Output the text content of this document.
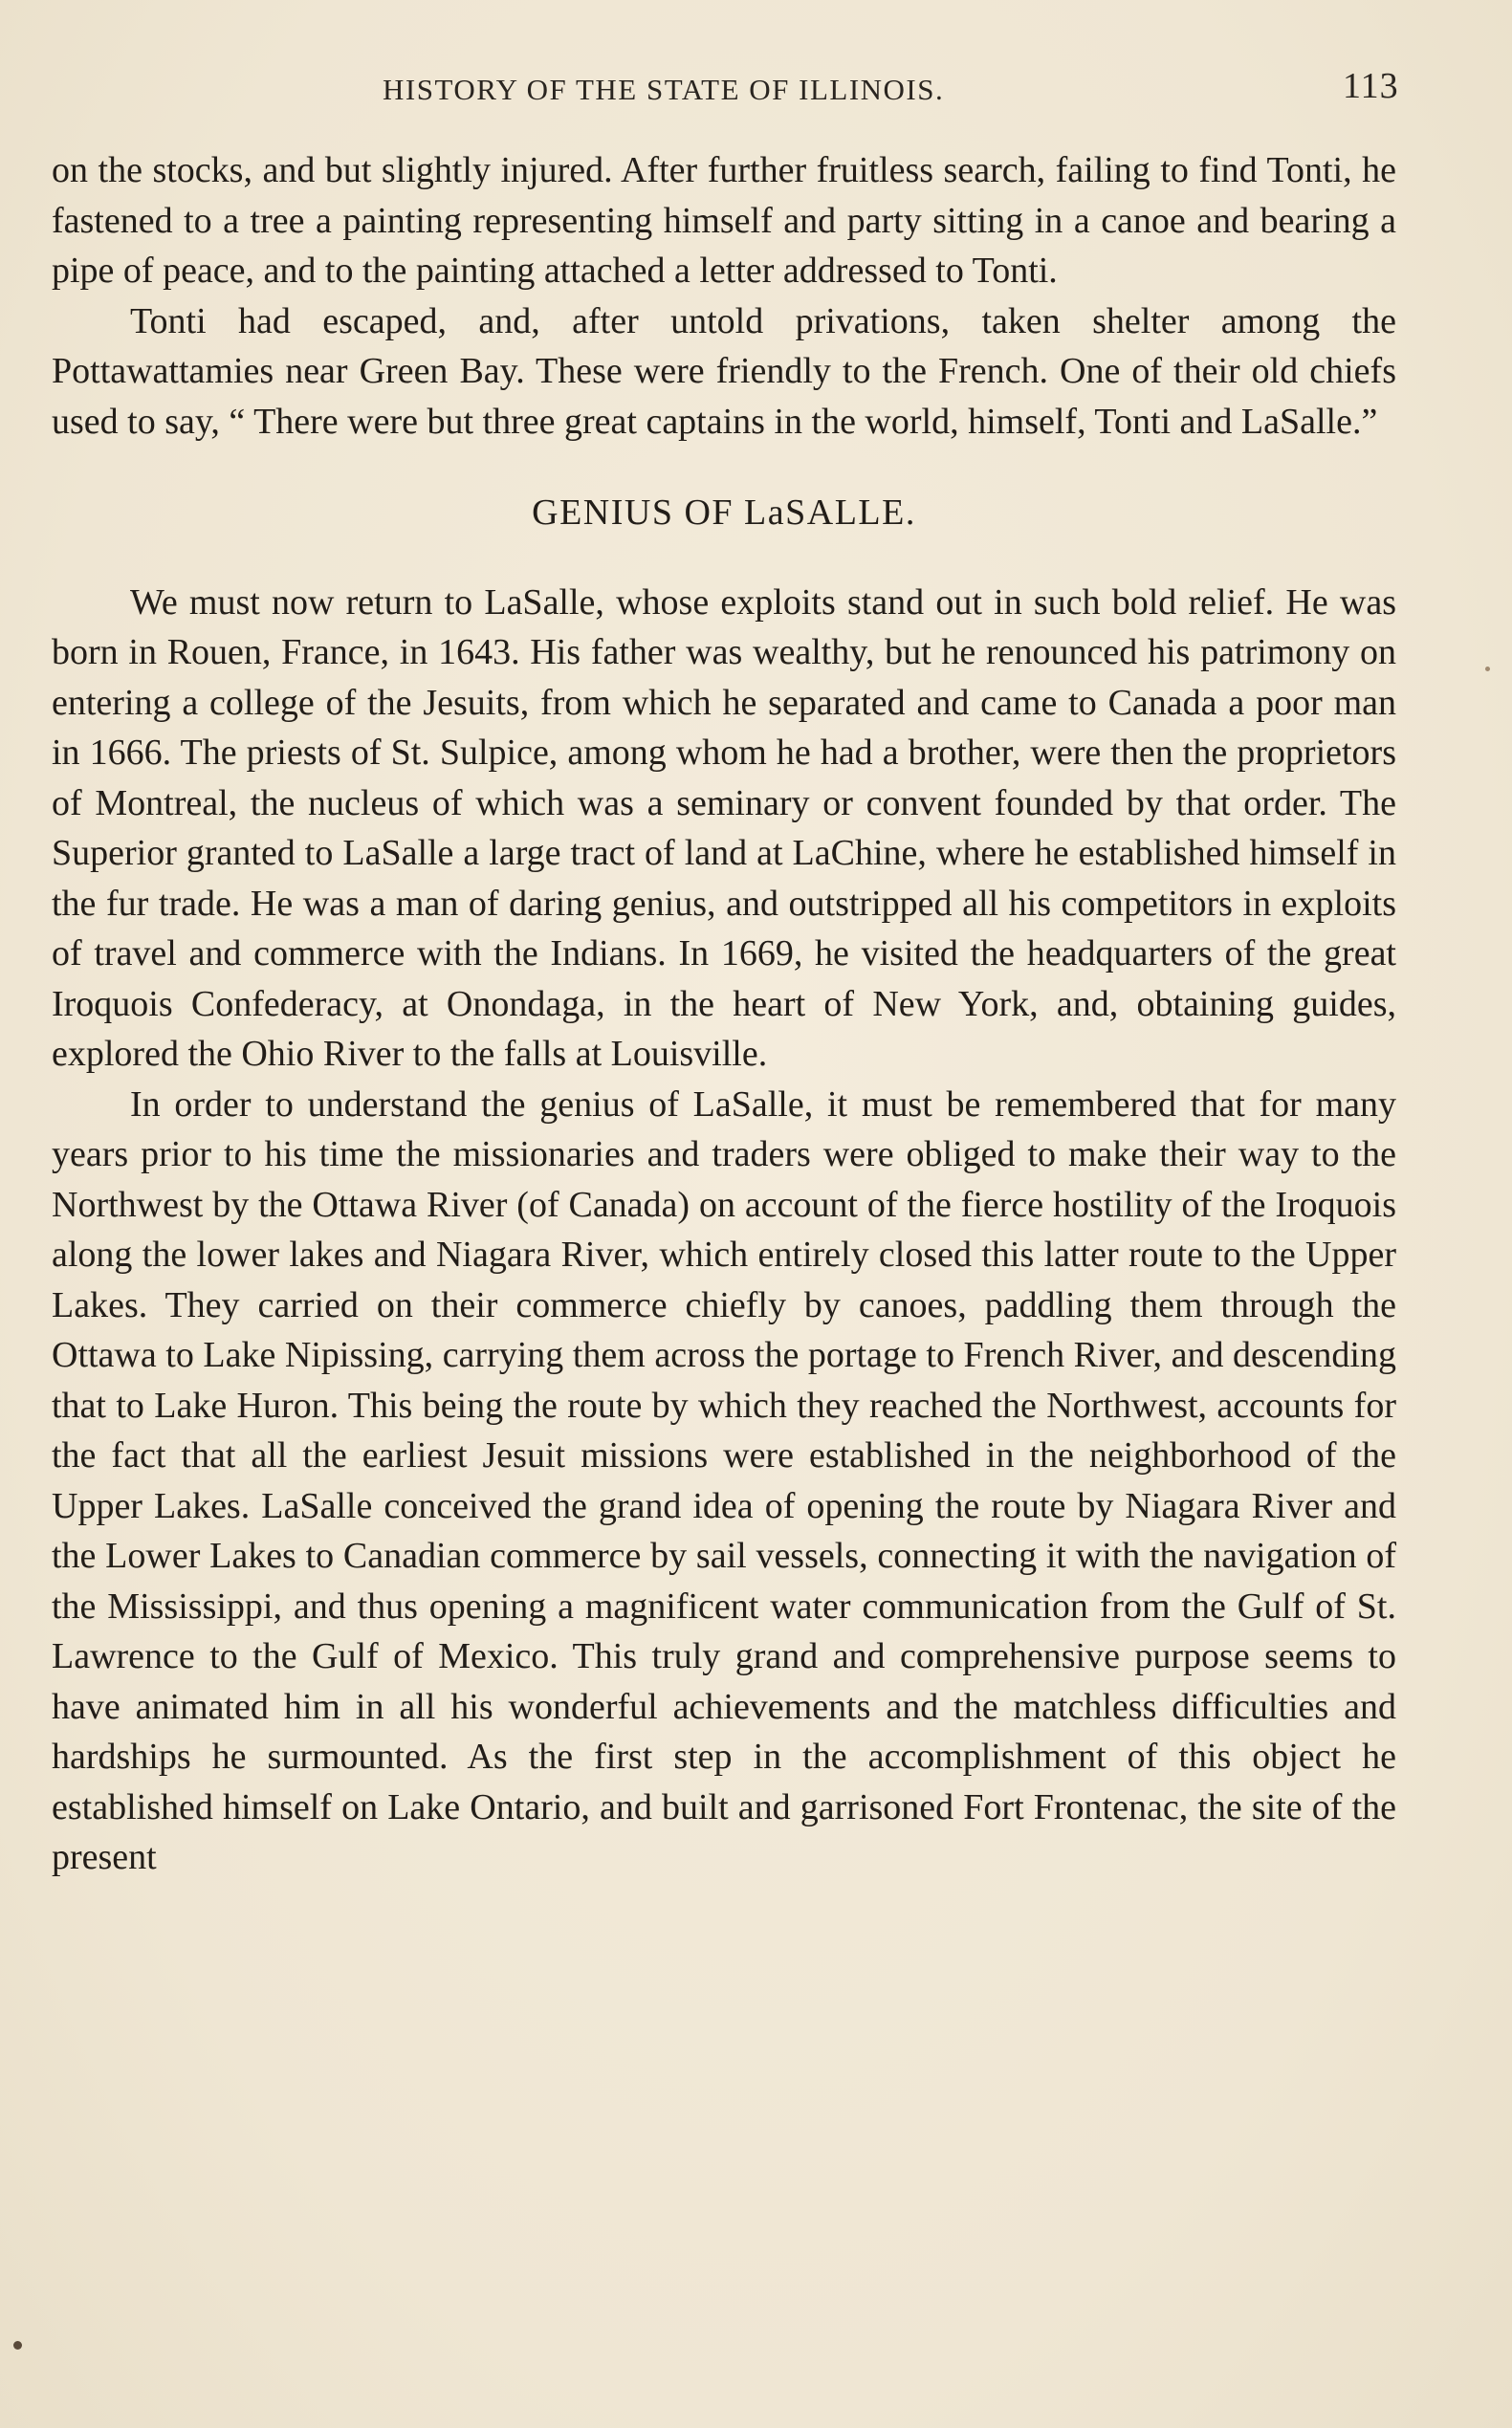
HISTORY OF THE STATE OF ILLINOIS.	113

on the stocks, and but slightly injured. After further fruitless search, failing to find Tonti, he fastened to a tree a painting representing himself and party sitting in a canoe and bearing a pipe of peace, and to the painting attached a letter addressed to Tonti.

Tonti had escaped, and, after untold privations, taken shelter among the Pottawattamies near Green Bay. These were friendly to the French. One of their old chiefs used to say, “ There were but three great captains in the world, himself, Tonti and LaSalle.”

GENIUS OF LaSALLE.

We must now return to LaSalle, whose exploits stand out in such bold relief. He was born in Rouen, France, in 1643. His father was wealthy, but he renounced his patrimony on entering a college of the Jesuits, from which he separated and came to Canada a poor man in 1666. The priests of St. Sulpice, among whom he had a brother, were then the proprietors of Montreal, the nucleus of which was a seminary or convent founded by that order. The Superior granted to LaSalle a large tract of land at LaChine, where he established himself in the fur trade. He was a man of daring genius, and outstripped all his competitors in exploits of travel and commerce with the Indians. In 1669, he visited the headquarters of the great Iroquois Confederacy, at Onondaga, in the heart of New York, and, obtaining guides, explored the Ohio River to the falls at Louisville.

In order to understand the genius of LaSalle, it must be remembered that for many years prior to his time the missionaries and traders were obliged to make their way to the Northwest by the Ottawa River (of Canada) on account of the fierce hostility of the Iroquois along the lower lakes and Niagara River, which entirely closed this latter route to the Upper Lakes. They carried on their commerce chiefly by canoes, paddling them through the Ottawa to Lake Nipissing, carrying them across the portage to French River, and descending that to Lake Huron. This being the route by which they reached the Northwest, accounts for the fact that all the earliest Jesuit missions were established in the neighborhood of the Upper Lakes. LaSalle conceived the grand idea of opening the route by Niagara River and the Lower Lakes to Canadian commerce by sail vessels, connecting it with the navigation of the Mississippi, and thus opening a magnificent water communication from the Gulf of St. Lawrence to the Gulf of Mexico. This truly grand and comprehensive purpose seems to have animated him in all his wonderful achievements and the matchless difficulties and hardships he surmounted. As the first step in the accomplishment of this object he established himself on Lake Ontario, and built and garrisoned Fort Frontenac, the site of the present
